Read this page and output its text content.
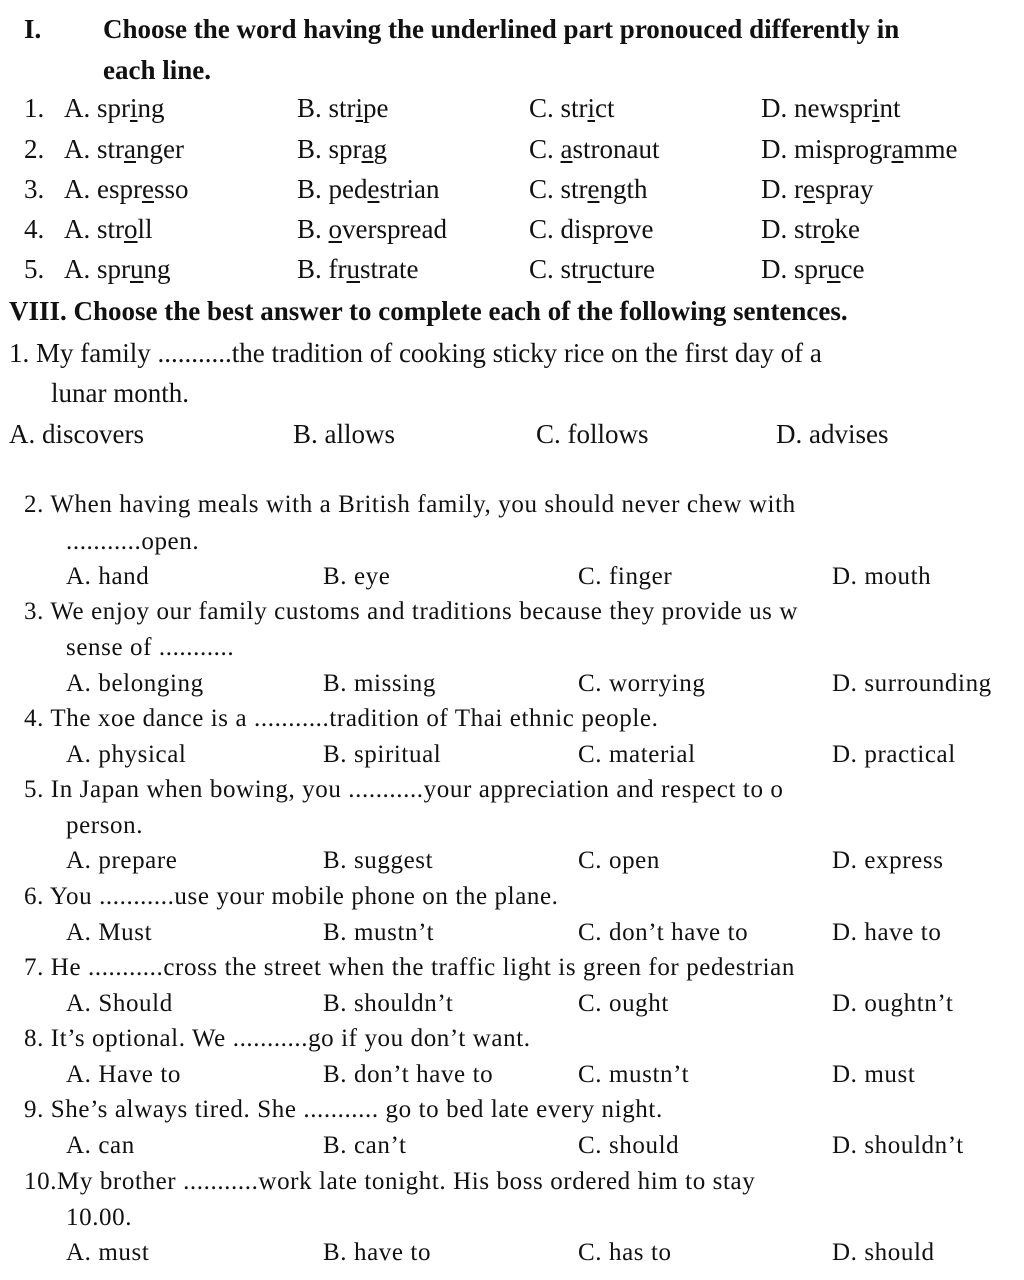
I. Choose the word having the underlined part pronouced differently in
each line.
1. A. spring	B. stripe	C. strict	D. newsprint
2. A. stranger	B. sprag	C. astronaut	D. misprogramme
3. A. espresso	B. pedestrian	C. strength	D. respray
4. A. stroll	B. overspread	C. disprove	D. stroke
5. A. sprung	B. frustrate	C. structure	D. spruce
VIII. Choose the best answer to complete each of the following sentences.
1. My family ...........the tradition of cooking sticky rice on the first day of a
lunar month.
A. discovers	B. allows	C. follows	D. advises
2. When having meals with a British family, you should never chew with
...........open.
A. hand	B. eye	C. finger	D. mouth
3. We enjoy our family customs and traditions because they provide us w
sense of ...........
A. belonging	B. missing	C. worrying	D. surrounding
4. The xoe dance is a ...........tradition of Thai ethnic people.
A. physical	B. spiritual	C. material	D. practical
5. In Japan when bowing, you ...........your appreciation and respect to o
person.
A. prepare	B. suggest	C. open	D. express
6. You ...........use your mobile phone on the plane.
A. Must	B. mustn’t	C. don’t have to	D. have to
7. He ...........cross the street when the traffic light is green for pedestrian
A. Should	B. shouldn’t	C. ought	D. oughtn’t
8. It’s optional. We ...........go if you don’t want.
A. Have to	B. don’t have to	C. mustn’t	D. must
9. She’s always tired. She ........... go to bed late every night.
A. can	B. can’t	C. should	D. shouldn’t
10.My brother ...........work late tonight. His boss ordered him to stay
10.00.
A. must	B. have to	C. has to	D. should
